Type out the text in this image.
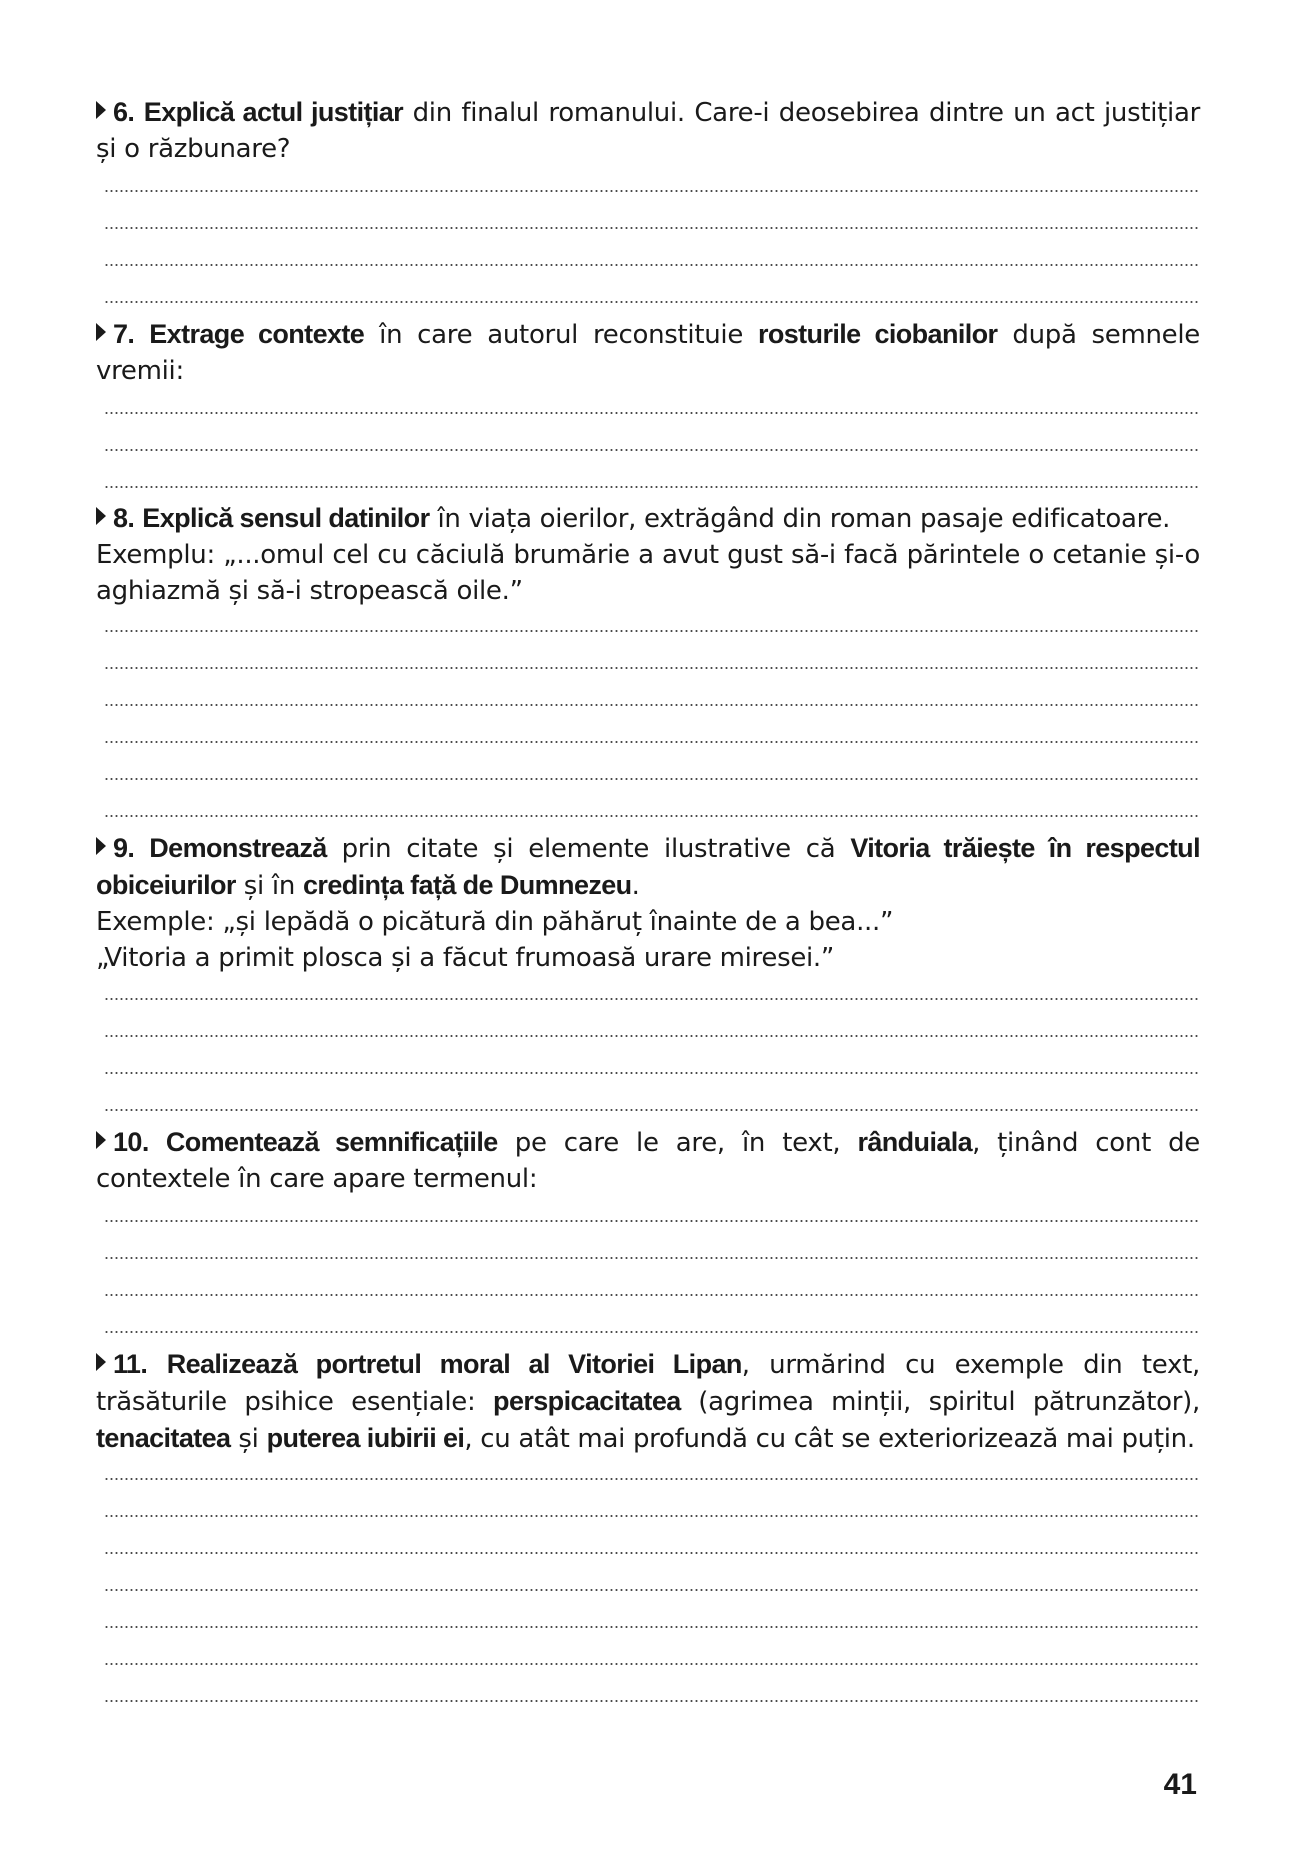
6. Explică actul justițiar din finalul romanului. Care-i deosebirea dintre un act justițiar și o răzbunare?

7. Extrage contexte în care autorul reconstituie rosturile ciobanilor după semnele vremii:

8. Explică sensul datinilor în viața oierilor, extrăgând din roman pasaje edificatoare.

Exemplu: „...omul cel cu căciulă brumărie a avut gust să-i facă părintele o cetanie și-o aghiazmă și să-i stropească oile.”

9. Demonstrează prin citate și elemente ilustrative că Vitoria trăiește în respectul obiceiurilor și în credința față de Dumnezeu.

Exemple: „și lepădă o picătură din păhăruț înainte de a bea...”

„Vitoria a primit plosca și a făcut frumoasă urare miresei.”

10. Comentează semnificațiile pe care le are, în text, rânduiala, ținând cont de contextele în care apare termenul:

11. Realizează portretul moral al Vitoriei Lipan, urmărind cu exemple din text, trăsăturile psihice esențiale: perspicacitatea (agrimea minții, spiritul pătrunzător), tenacitatea și puterea iubirii ei, cu atât mai profundă cu cât se exteriorizează mai puțin.

41
